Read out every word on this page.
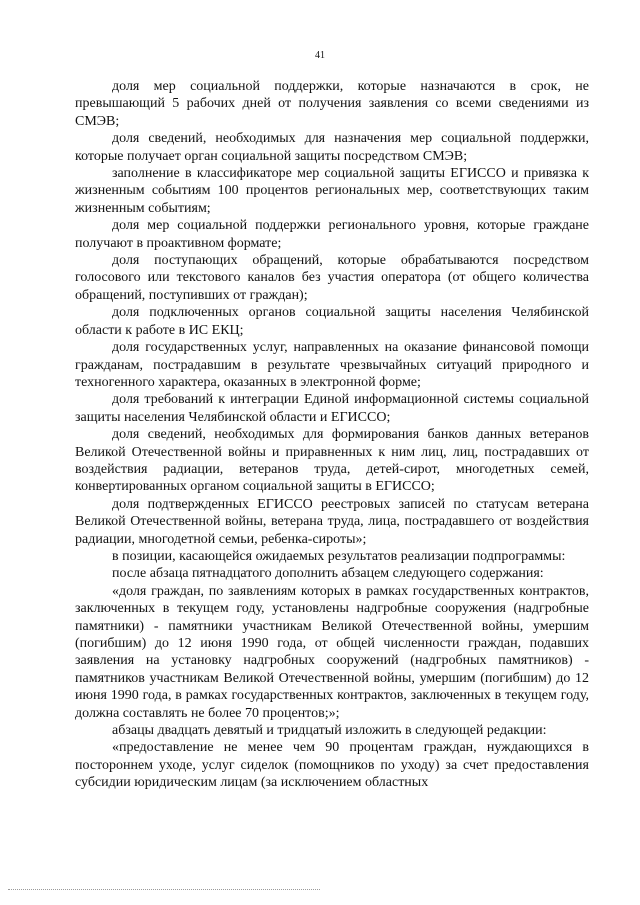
41

доля мер социальной поддержки, которые назначаются в срок, не превышающий 5 рабочих дней от получения заявления со всеми сведениями из СМЭВ;

доля сведений, необходимых для назначения мер социальной поддержки, которые получает орган социальной защиты посредством СМЭВ;

заполнение в классификаторе мер социальной защиты ЕГИССО и привязка к жизненным событиям 100 процентов региональных мер, соответствующих таким жизненным событиям;

доля мер социальной поддержки регионального уровня, которые граждане получают в проактивном формате;

доля поступающих обращений, которые обрабатываются посредством голосового или текстового каналов без участия оператора (от общего количества обращений, поступивших от граждан);

доля подключенных органов социальной защиты населения Челябинской области к работе в ИС ЕКЦ;

доля государственных услуг, направленных на оказание финансовой помощи гражданам, пострадавшим в результате чрезвычайных ситуаций природного и техногенного характера, оказанных в электронной форме;

доля требований к интеграции Единой информационной системы социальной защиты населения Челябинской области и ЕГИССО;

доля сведений, необходимых для формирования банков данных ветеранов Великой Отечественной войны и приравненных к ним лиц, лиц, пострадавших от воздействия радиации, ветеранов труда, детей-сирот, многодетных семей, конвертированных органом социальной защиты в ЕГИССО;

доля подтвержденных ЕГИССО реестровых записей по статусам ветерана Великой Отечественной войны, ветерана труда, лица, пострадавшего от воздействия радиации, многодетной семьи, ребенка-сироты»;

в позиции, касающейся ожидаемых результатов реализации подпрограммы:

после абзаца пятнадцатого дополнить абзацем следующего содержания:

«доля граждан, по заявлениям которых в рамках государственных контрактов, заключенных в текущем году, установлены надгробные сооружения (надгробные памятники) - памятники участникам Великой Отечественной войны, умершим (погибшим) до 12 июня 1990 года, от общей численности граждан, подавших заявления на установку надгробных сооружений (надгробных памятников) - памятников участникам Великой Отечественной войны, умершим (погибшим) до 12 июня 1990 года, в рамках государственных контрактов, заключенных в текущем году, должна составлять не более 70 процентов;»;

абзацы двадцать девятый и тридцатый изложить в следующей редакции:

«предоставление не менее чем 90 процентам граждан, нуждающихся в постороннем уходе, услуг сиделок (помощников по уходу) за счет предоставления субсидии юридическим лицам (за исключением областных
